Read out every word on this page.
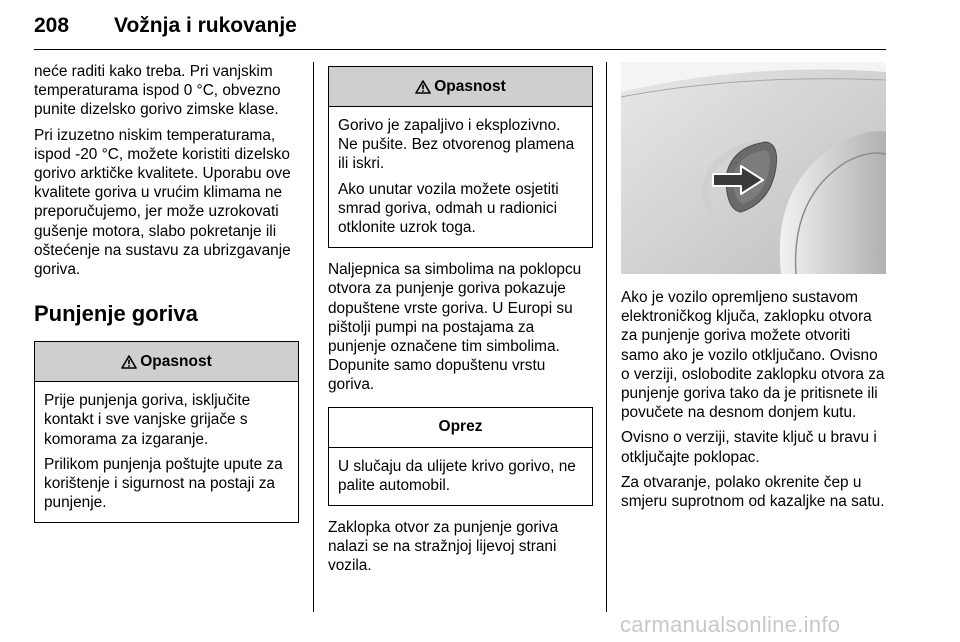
208 Vožnja i rukovanje

neće raditi kako treba. Pri vanjskim temperaturama ispod 0 °C, obvezno punite dizelsko gorivo zimske klase.

Pri izuzetno niskim temperaturama, ispod -20 °C, možete koristiti dizelsko gorivo arktičke kvalitete. Uporabu ove kvalitete goriva u vrućim klimama ne preporučujemo, jer može uzrokovati gušenje motora, slabo pokretanje ili oštećenje na sustavu za ubrizgavanje goriva.

Punjenje goriva
Opasnost

Prije punjenja goriva, isključite kontakt i sve vanjske grijače s komorama za izgaranje.

Prilikom punjenja poštujte upute za korištenje i sigurnost na postaji za punjenje.

Opasnost

Gorivo je zapaljivo i eksplozivno. Ne pušite. Bez otvorenog plamena ili iskri.

Ako unutar vozila možete osjetiti smrad goriva, odmah u radionici otklonite uzrok toga.

Naljepnica sa simbolima na poklopcu otvora za punjenje goriva pokazuje dopuštene vrste goriva. U Europi su pištolji pumpi na postajama za punjenje označene tim simbolima. Dopunite samo dopuštenu vrstu goriva.

Oprez

U slučaju da ulijete krivo gorivo, ne palite automobil.

Zaklopka otvor za punjenje goriva nalazi se na stražnjoj lijevoj strani vozila.

Ako je vozilo opremljeno sustavom elektroničkog ključa, zaklopku otvora za punjenje goriva možete otvoriti samo ako je vozilo otključano. Ovisno o verziji, oslobodite zaklopku otvora za punjenje goriva tako da je pritisnete ili povučete na desnom donjem kutu.

Ovisno o verziji, stavite ključ u bravu i otključajte poklopac.

Za otvaranje, polako okrenite čep u smjeru suprotnom od kazaljke na satu.

carmanualsonline.info
